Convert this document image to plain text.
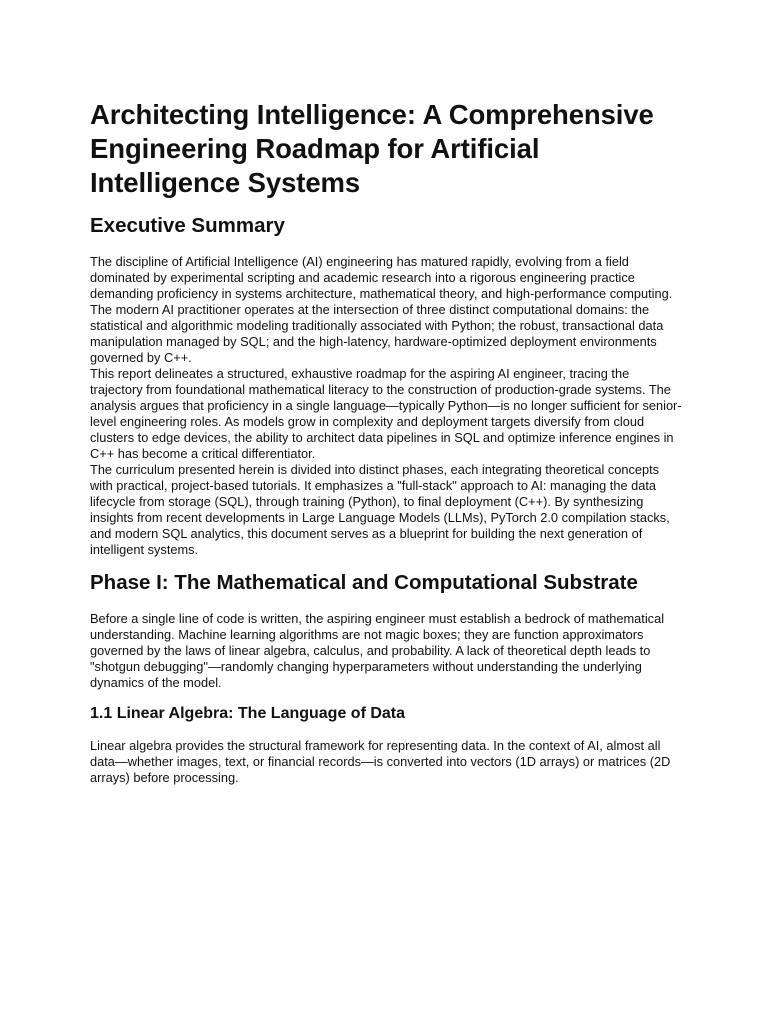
Architecting Intelligence: A Comprehensive Engineering Roadmap for Artificial Intelligence Systems
Executive Summary

The discipline of Artificial Intelligence (AI) engineering has matured rapidly, evolving from a field dominated by experimental scripting and academic research into a rigorous engineering practice demanding proficiency in systems architecture, mathematical theory, and high-performance computing. The modern AI practitioner operates at the intersection of three distinct computational domains: the statistical and algorithmic modeling traditionally associated with Python; the robust, transactional data manipulation managed by SQL; and the high-latency, hardware-optimized deployment environments governed by C++.

This report delineates a structured, exhaustive roadmap for the aspiring AI engineer, tracing the trajectory from foundational mathematical literacy to the construction of production-grade systems. The analysis argues that proficiency in a single language—typically Python—is no longer sufficient for senior-level engineering roles. As models grow in complexity and deployment targets diversify from cloud clusters to edge devices, the ability to architect data pipelines in SQL and optimize inference engines in C++ has become a critical differentiator.

The curriculum presented herein is divided into distinct phases, each integrating theoretical concepts with practical, project-based tutorials. It emphasizes a "full-stack" approach to AI: managing the data lifecycle from storage (SQL), through training (Python), to final deployment (C++). By synthesizing insights from recent developments in Large Language Models (LLMs), PyTorch 2.0 compilation stacks, and modern SQL analytics, this document serves as a blueprint for building the next generation of intelligent systems.

Phase I: The Mathematical and Computational Substrate

Before a single line of code is written, the aspiring engineer must establish a bedrock of mathematical understanding. Machine learning algorithms are not magic boxes; they are function approximators governed by the laws of linear algebra, calculus, and probability. A lack of theoretical depth leads to "shotgun debugging"—randomly changing hyperparameters without understanding the underlying dynamics of the model.

1.1 Linear Algebra: The Language of Data

Linear algebra provides the structural framework for representing data. In the context of AI, almost all data—whether images, text, or financial records—is converted into vectors (1D arrays) or matrices (2D arrays) before processing.
